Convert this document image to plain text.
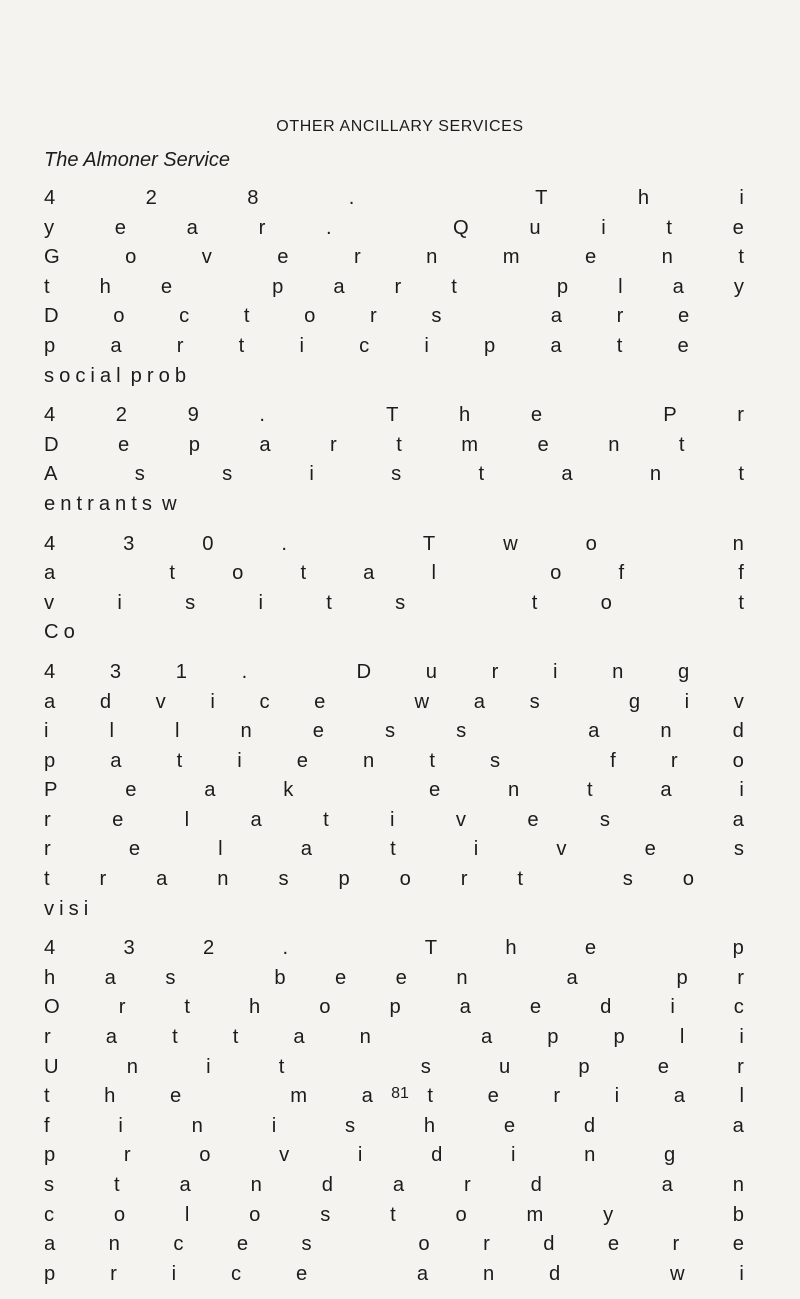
OTHER ANCILLARY SERVICES
The Almoner Service
4	2	8	.	T	h	i
y	e	a	r	.	Q	u	i	t	e
G	o	v	e	r	n	m	e	n	t
t h e	p a r t	p l a y
D	o	c	t	o	r	s	a	r	e
p	a	r	t	i	c	i	p	a	t	e
s o c i a l p r o b
4	2	9	.	T	h	e	P	r
D	e	p	a	r	t	m	e	n	t
A	s	s	i	s	t	a	n	t
e n t r a n t s w
4	3	0	.	T	w	o	n
a	t	o	t	a	l	o	f	f
v	i	s	i	t	s	t	o	t
C o
4	3	1	.	D	u	r	i	n	g
a d v i c e	w a s	g i v
i	l	l	n	e	s	s	a	n	d
p	a	t	i	e	n	t	s	f	r	o
P	e	a	k	e	n	t	a	i
r	e	l	a	t	i	v	e	s	a
r	e	l	a	t	i	v	e	s
t r a n s p o r t	s o
v i s i
4	3	2	.	T	h	e	p
h a s	b e e n	a	p r
O	r	t	h	o	p	a	e	d	i	c
r	a	t	t	a	n	a	p	p	l	i
U	n	i	t	s	u	p	e	r
t	h	e	m	a	t	e	r	i	a	l
f	i	n	i	s	h	e	d	a
p	r	o	v	i	d	i	n	g
s	t	a	n	d	a	r	d	a	n
c	o	l	o	s	t	o	m	y	b
a	n	c	e	s	o	r	d	e	r	e
p	r	i	c	e	a	n	d	w	i
81
